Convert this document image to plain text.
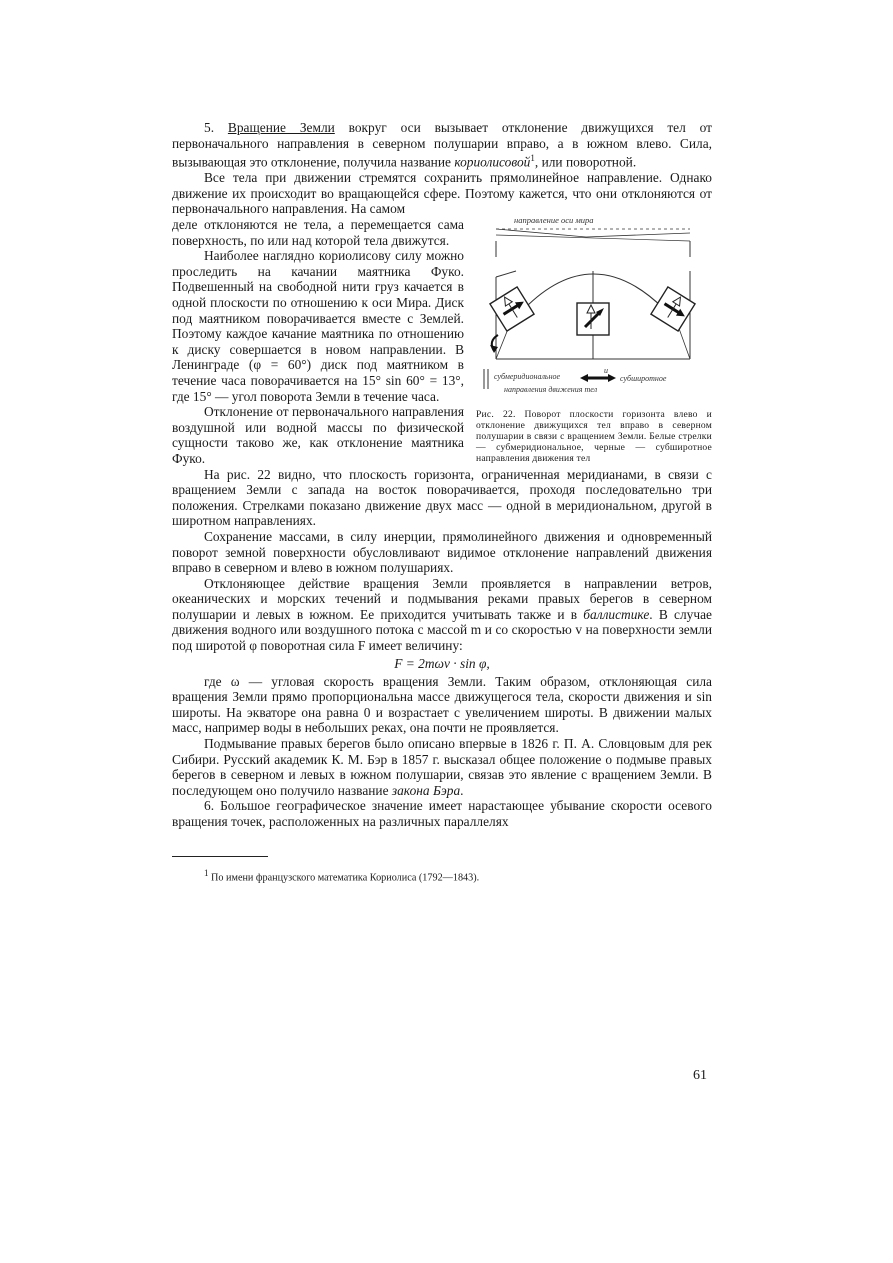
5. Вращение Земли вокруг оси вызывает отклонение движущихся тел от первоначального направления в северном полушарии вправо, а в южном влево. Сила, вызывающая это отклонение, получила название кориолисовой$^1$, или поворотной.

Все тела при движении стремятся сохранить прямолинейное направление. Однако движение их происходит во вращающейся сфере. Поэтому кажется, что они отклоняются от первоначального направления. На самом

направление оси мира
субмеридиональное
и
субширотное
направления движения тел
Рис. 22. Поворот плоскости горизонта влево и отклонение движущихся тел вправо в северном полушарии в связи с вращением Земли. Белые стрелки — субмеридиональное, черные — субширотное направления движения тел

деле отклоняются не тела, а перемещается сама поверхность, по или над которой тела движутся.

Наиболее наглядно кориолисову силу можно проследить на качании маятника Фуко. Подвешенный на свободной нити груз качается в одной плоскости по отношению к оси Мира. Диск под маятником поворачивается вместе с Землей. Поэтому каждое качание маятника по отношению к диску совершается в новом направлении. В Ленинграде (φ = 60°) диск под маятником в течение часа поворачивается на 15° sin 60° = 13°, где 15° — угол поворота Земли в течение часа.

Отклонение от первоначального направления воздушной или водной массы по физической сущности таково же, как отклонение маятника Фуко.

На рис. 22 видно, что плоскость горизонта, ограниченная меридианами, в связи с вращением Земли с запада на восток поворачивается, проходя последовательно три положения. Стрелками показано движение двух масс — одной в меридиональном, другой в широтном направлениях.

Сохранение массами, в силу инерции, прямолинейного движения и одновременный поворот земной поверхности обусловливают видимое отклонение направлений движения вправо в северном и влево в южном полушариях.

Отклоняющее действие вращения Земли проявляется в направлении ветров, океанических и морских течений и подмывания реками правых берегов в северном полушарии и левых в южном. Ее приходится учитывать также и в баллистике. В случае движения водного или воздушного потока с массой m и со скоростью v на поверхности земли под широтой φ поворотная сила F имеет величину:

F = 2mωv · sin φ,

где ω — угловая скорость вращения Земли. Таким образом, отклоняющая сила вращения Земли прямо пропорциональна массе движущегося тела, скорости движения и sin широты. На экваторе она равна 0 и возрастает с увеличением широты. В движении малых масс, например воды в небольших реках, она почти не проявляется.

Подмывание правых берегов было описано впервые в 1826 г. П. А. Словцовым для рек Сибири. Русский академик К. М. Бэр в 1857 г. высказал общее положение о подмыве правых берегов в северном и левых в южном полушарии, связав это явление с вращением Земли. В последующем оно получило название закона Бэра.

6. Большое географическое значение имеет нарастающее убывание скорости осевого вращения точек, расположенных на различных параллелях

$^1$ По имени французского математика Кориолиса (1792—1843).

61
